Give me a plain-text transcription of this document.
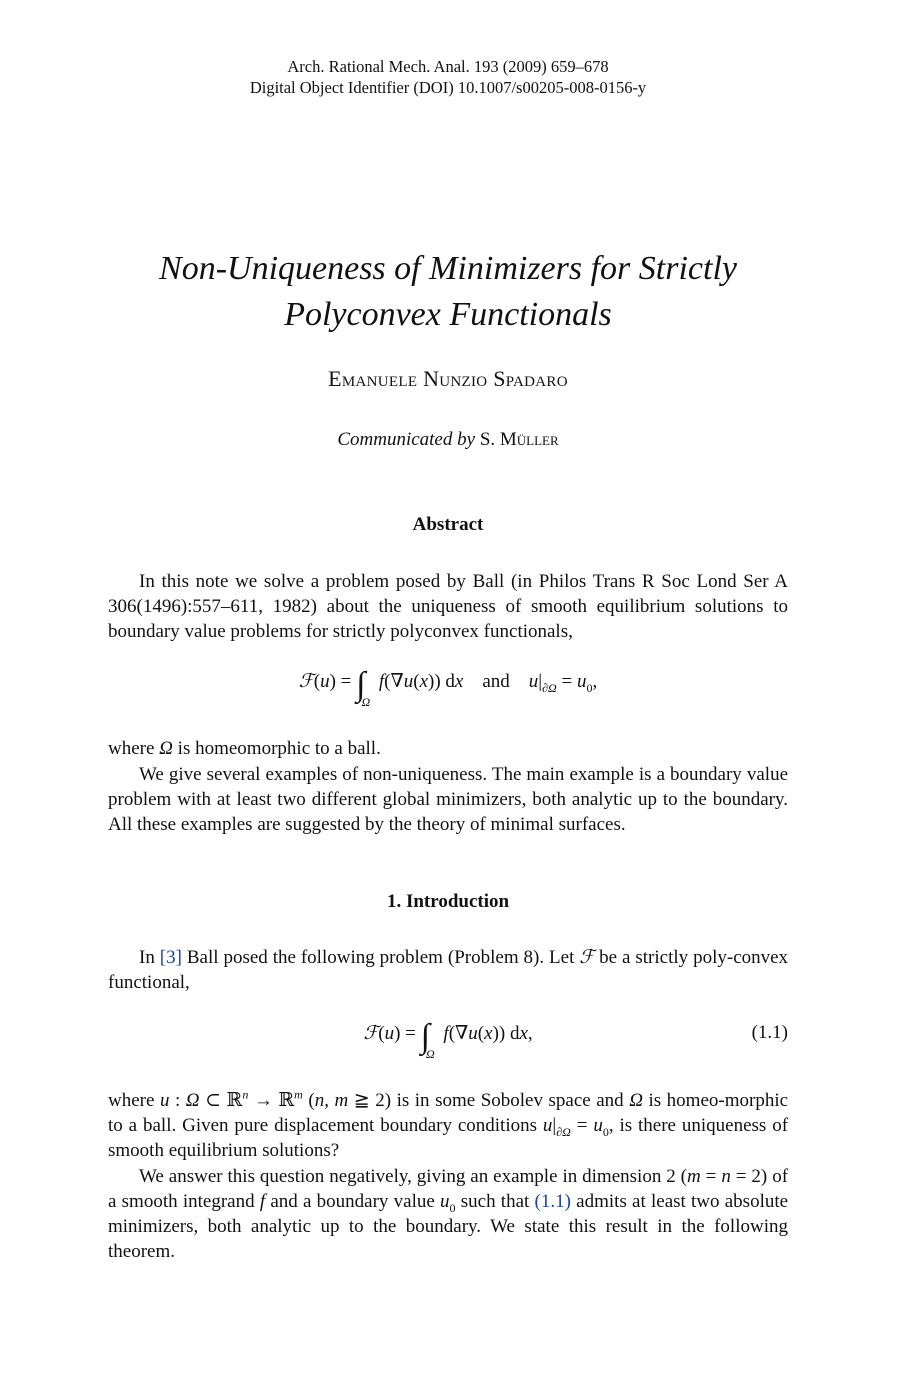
Arch. Rational Mech. Anal. 193 (2009) 659–678
Digital Object Identifier (DOI) 10.1007/s00205-008-0156-y
Non-Uniqueness of Minimizers for Strictly
Polyconvex Functionals
Emanuele Nunzio Spadaro
Communicated by S. Müller
Abstract
In this note we solve a problem posed by Ball (in Philos Trans R Soc Lond Ser A 306(1496):557–611, 1982) about the uniqueness of smooth equilibrium solutions to boundary value problems for strictly polyconvex functionals,
ℱ(u) = $\int_\Omega$ f(∇u(x)) dx and $u|_{\partial\Omega} = u_0$,
where Ω is homeomorphic to a ball.
We give several examples of non-uniqueness. The main example is a boundary value problem with at least two different global minimizers, both analytic up to the boundary. All these examples are suggested by the theory of minimal surfaces.
1. Introduction
In [3] Ball posed the following problem (Problem 8). Let ℱ be a strictly poly-convex functional,
ℱ(u) = $\int_\Omega$ f(∇u(x)) dx,	(1.1)
where u : Ω ⊂ ℝ$^n$ → ℝ$^m$ (n, m ≧ 2) is in some Sobolev space and Ω is homeo-morphic to a ball. Given pure displacement boundary conditions $u|_{\partial\Omega} = u_0$, is there uniqueness of smooth equilibrium solutions?
We answer this question negatively, giving an example in dimension 2 (m = n = 2) of a smooth integrand f and a boundary value $u_0$ such that (1.1) admits at least two absolute minimizers, both analytic up to the boundary. We state this result in the following theorem.
